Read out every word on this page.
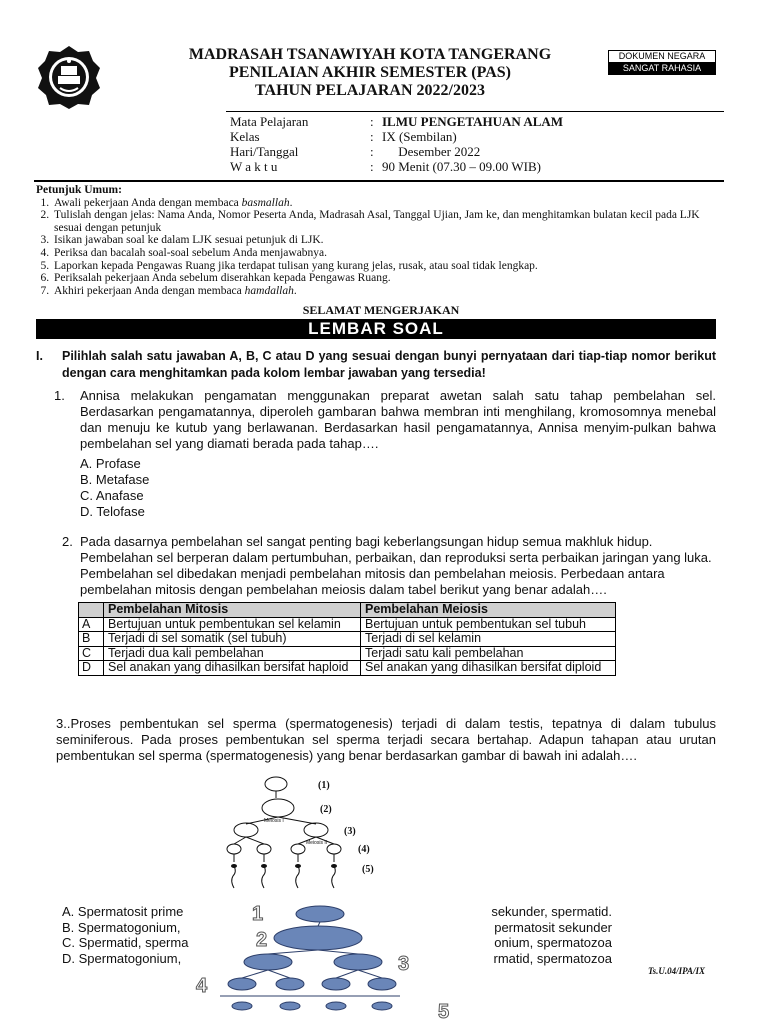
MADRASAH TSANAWIYAH KOTA TANGERANG
PENILAIAN AKHIR SEMESTER (PAS)
TAHUN PELAJARAN 2022/2023
DOKUMEN NEGARA
SANGAT RAHASIA
Mata Pelajaran	: ILMU PENGETAHUAN ALAM
Kelas	: IX (Sembilan)
Hari/Tanggal	: Desember 2022
W a k t u	: 90 Menit (07.30 – 09.00 WIB)
Petunjuk Umum:
1. Awali pekerjaan Anda dengan membaca basmallah.
2. Tulislah dengan jelas: Nama Anda, Nomor Peserta Anda, Madrasah Asal, Tanggal Ujian, Jam ke, dan menghitamkan bulatan kecil pada LJK sesuai dengan petunjuk
3. Isikan jawaban soal ke dalam LJK sesuai petunjuk di LJK.
4. Periksa dan bacalah soal-soal sebelum Anda menjawabnya.
5. Laporkan kepada Pengawas Ruang jika terdapat tulisan yang kurang jelas, rusak, atau soal tidak lengkap.
6. Periksalah pekerjaan Anda sebelum diserahkan kepada Pengawas Ruang.
7. Akhiri pekerjaan Anda dengan membaca hamdallah.
SELAMAT MENGERJAKAN
LEMBAR SOAL
I. Pilihlah salah satu jawaban A, B, C atau D yang sesuai dengan bunyi pernyataan dari tiap-tiap nomor berikut dengan cara menghitamkan pada kolom lembar jawaban yang tersedia!
1. Annisa melakukan pengamatan menggunakan preparat awetan salah satu tahap pembelahan sel. Berdasarkan pengamatannya, diperoleh gambaran bahwa membran inti menghilang, kromosomnya menebal dan menuju ke kutub yang berlawanan. Berdasarkan hasil pengamatannya, Annisa menyim-pulkan bahwa pembelahan sel yang diamati berada pada tahap….
A. Profase
B. Metafase
C. Anafase
D. Telofase
2. Pada dasarnya pembelahan sel sangat penting bagi keberlangsungan hidup semua makhluk hidup. Pembelahan sel berperan dalam pertumbuhan, perbaikan, dan reproduksi serta perbaikan jaringan yang luka. Pembelahan sel dibedakan menjadi pembelahan mitosis dan pembelahan meiosis. Perbedaan antara pembelahan mitosis dengan pembelahan meiosis dalam tabel berikut yang benar adalah….
	Pembelahan Mitosis	Pembelahan Meiosis
A	Bertujuan untuk pembentukan sel kelamin	Bertujuan untuk pembentukan sel tubuh
B	Terjadi di sel somatik (sel tubuh)	Terjadi di sel kelamin
C	Terjadi dua kali pembelahan	Terjadi satu kali pembelahan
D	Sel anakan yang dihasilkan bersifat haploid	Sel anakan yang dihasilkan bersifat diploid
3..Proses pembentukan sel sperma (spermatogenesis) terjadi di dalam testis, tepatnya di dalam tubulus seminiferous. Pada proses pembentukan sel sperma terjadi secara bertahap. Adapun tahapan atau urutan pembentukan sel sperma (spermatogenesis) yang benar berdasarkan gambar di bawah ini adalah….
(1)
(2)
(3)
(4)
(5)
Meiosis I
Meiosis II
1
2
3
4
5
A. Spermatosit prime	sekunder, spermatid.
B. Spermatogonium,	permatosit sekunder
C. Spermatid, sperma	onium, spermatozoa
D. Spermatogonium,	rmatid, spermatozoa
Ts.U.04/IPA/IX
